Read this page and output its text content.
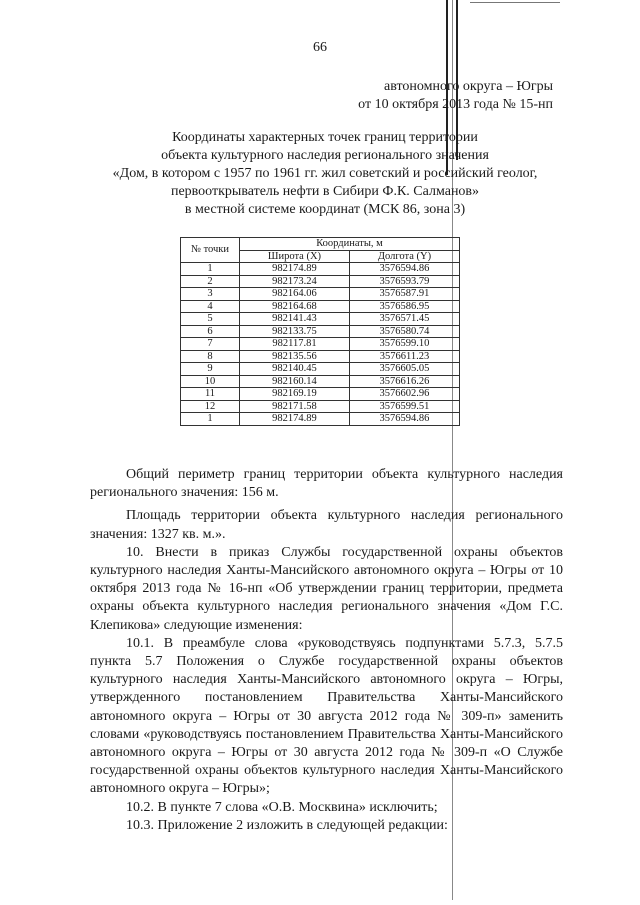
66
автономного округа – Югры
от 10 октября 2013 года № 15-нп
Координаты характерных точек границ территории
объекта культурного наследия регионального значения
«Дом, в котором с 1957 по 1961 гг. жил советский и российский геолог,
первооткрыватель нефти в Сибири Ф.К. Салманов»
в местной системе координат (МСК 86, зона 3)
№ точки	Координаты, м	
	Широта (X)	Долгота (Y)
1	982174.89	3576594.86
2	982173.24	3576593.79
3	982164.06	3576587.91
4	982164.68	3576586.95
5	982141.43	3576571.45
6	982133.75	3576580.74
7	982117.81	3576599.10
8	982135.56	3576611.23
9	982140.45	3576605.05
10	982160.14	3576616.26
11	982169.19	3576602.96
12	982171.58	3576599.51
1	982174.89	3576594.86
Общий периметр границ территории объекта культурного наследия регионального значения: 156 м.
Площадь территории объекта культурного наследия регионального значения: 1327 кв. м.».
10. Внести в приказ Службы государственной охраны объектов культурного наследия Ханты-Мансийского автономного округа – Югры от 10 октября 2013 года № 16-нп «Об утверждении границ территории, предмета охраны объекта культурного наследия регионального значения «Дом Г.С. Клепикова» следующие изменения:
10.1. В преамбуле слова «руководствуясь подпунктами 5.7.3, 5.7.5 пункта 5.7 Положения о Службе государственной охраны объектов культурного наследия Ханты-Мансийского автономного округа – Югры, утвержденного постановлением Правительства Ханты-Мансийского автономного округа – Югры от 30 августа 2012 года № 309-п» заменить словами «руководствуясь постановлением Правительства Ханты-Мансийского автономного округа – Югры от 30 августа 2012 года № 309-п «О Службе государственной охраны объектов культурного наследия Ханты-Мансийского автономного округа – Югры»;
10.2. В пункте 7 слова «О.В. Москвина» исключить;
10.3. Приложение 2 изложить в следующей редакции:
